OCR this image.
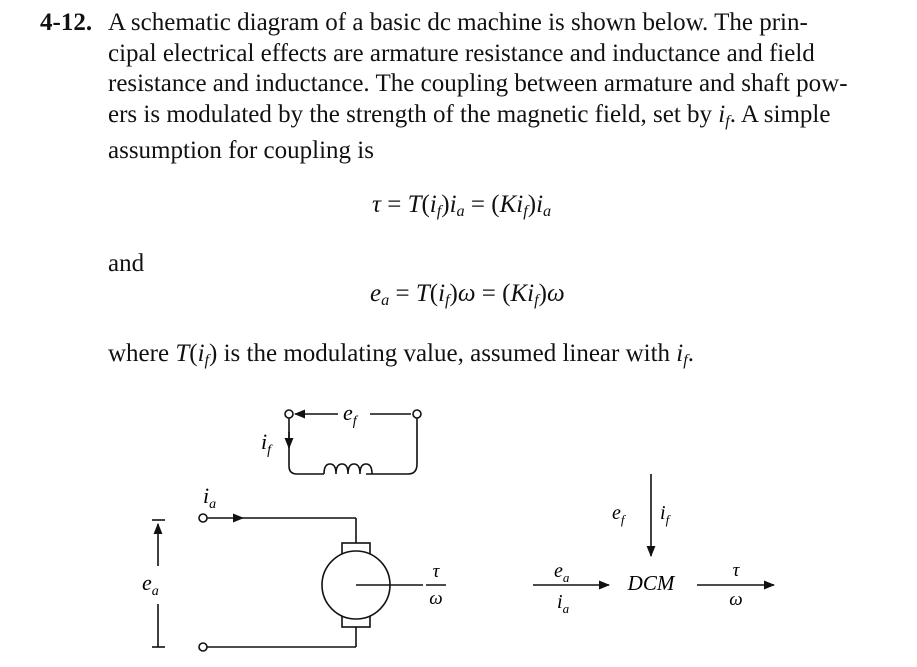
4-12. A schematic diagram of a basic dc machine is shown below. The prin-
cipal electrical effects are armature resistance and inductance and field
resistance and inductance. The coupling between armature and shaft pow-
ers is modulated by the strength of the magnetic field, set by $i_f$. A simple
assumption for coupling is
$\tau = T(i_f)i_a = (Ki_f)i_a$
and
$e_a = T(i_f)\omega = (Ki_f)\omega$
where $T(i_f)$ is the modulating value, assumed linear with $i_f$.
$e_f$
$i_f$
$i_a$
$e_a$
τ
ω
$e_f$ $i_f$
DCM
$e_a$
$i_a$
τ
ω
